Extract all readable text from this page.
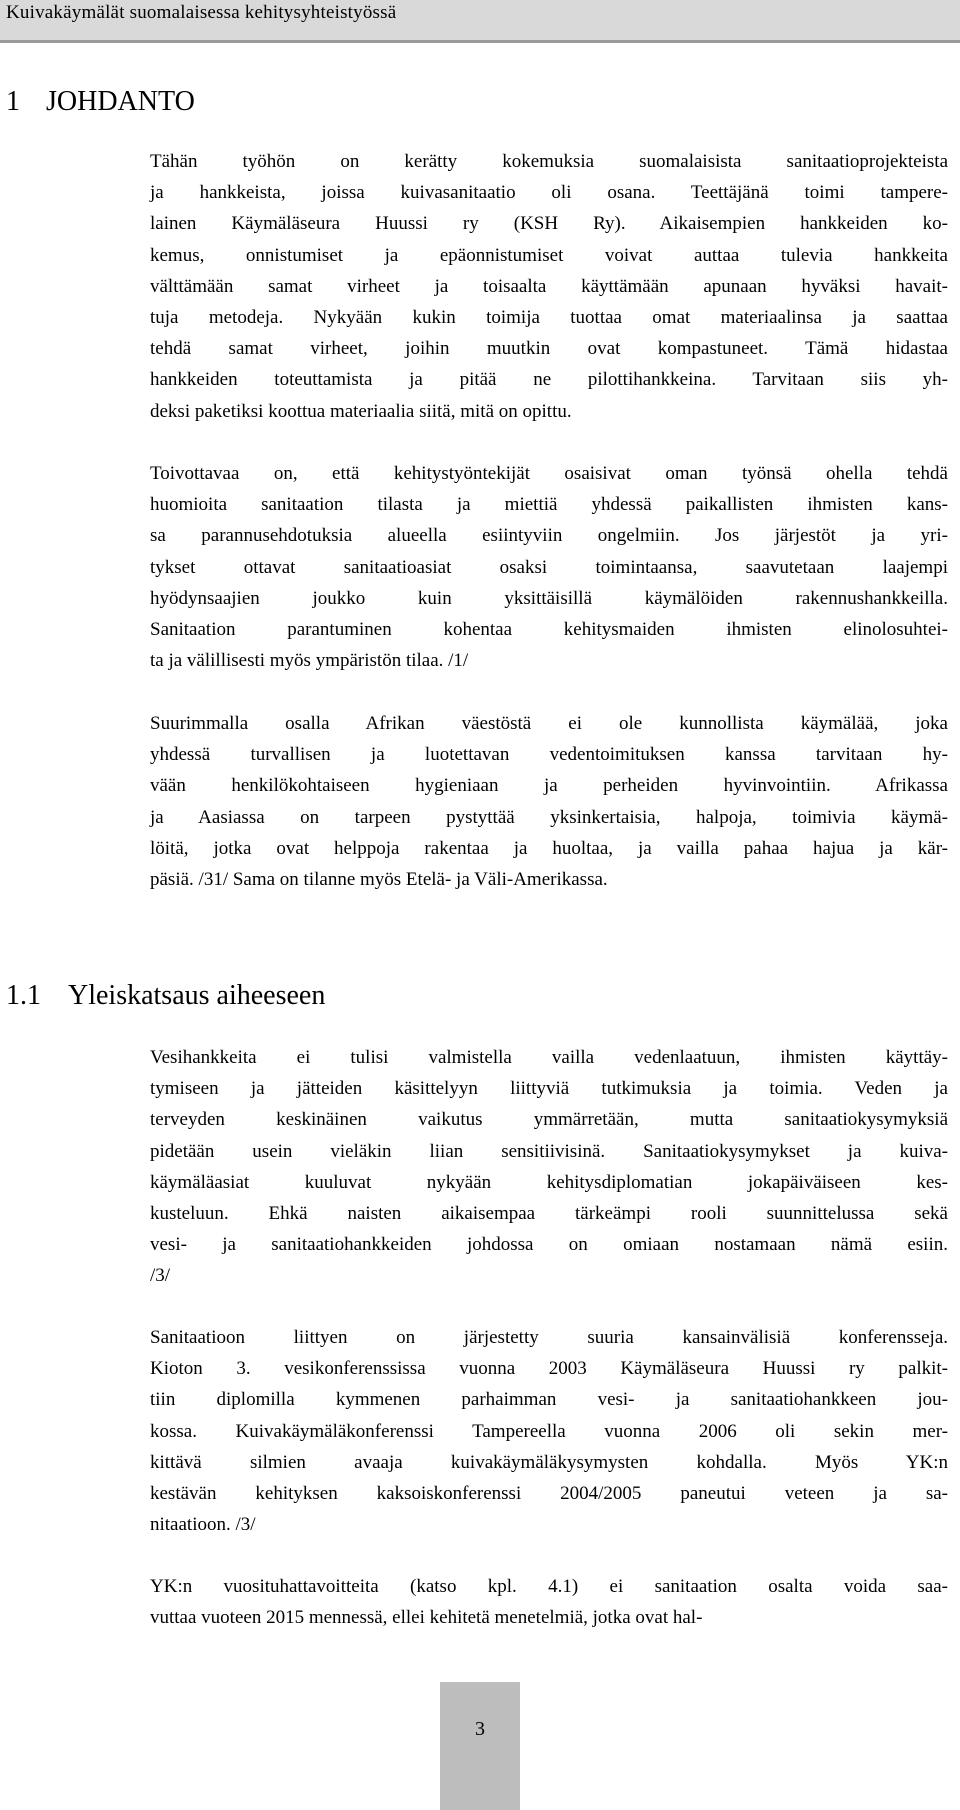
Kuivakäymälät suomalaisessa kehitysyhteistyössä
1 JOHDANTO
Tähän työhön on kerätty kokemuksia suomalaisista sanitaatioprojekteista
ja hankkeista, joissa kuivasanitaatio oli osana. Teettäjänä toimi tampere-
lainen Käymäläseura Huussi ry (KSH Ry). Aikaisempien hankkeiden ko-
kemus, onnistumiset ja epäonnistumiset voivat auttaa tulevia hankkeita
välttämään samat virheet ja toisaalta käyttämään apunaan hyväksi havait-
tuja metodeja. Nykyään kukin toimija tuottaa omat materiaalinsa ja saattaa
tehdä samat virheet, joihin muutkin ovat kompastuneet. Tämä hidastaa
hankkeiden toteuttamista ja pitää ne pilottihankkeina. Tarvitaan siis yh-
deksi paketiksi koottua materiaalia siitä, mitä on opittu.
Toivottavaa on, että kehitystyöntekijät osaisivat oman työnsä ohella tehdä
huomioita sanitaation tilasta ja miettiä yhdessä paikallisten ihmisten kans-
sa parannusehdotuksia alueella esiintyviin ongelmiin. Jos järjestöt ja yri-
tykset ottavat sanitaatioasiat osaksi toimintaansa, saavutetaan laajempi
hyödynsaajien joukko kuin yksittäisillä käymälöiden rakennushankkeilla.
Sanitaation parantuminen kohentaa kehitysmaiden ihmisten elinolosuhtei-
ta ja välillisesti myös ympäristön tilaa. /1/
Suurimmalla osalla Afrikan väestöstä ei ole kunnollista käymälää, joka
yhdessä turvallisen ja luotettavan vedentoimituksen kanssa tarvitaan hy-
vään henkilökohtaiseen hygieniaan ja perheiden hyvinvointiin. Afrikassa
ja Aasiassa on tarpeen pystyttää yksinkertaisia, halpoja, toimivia käymä-
löitä, jotka ovat helppoja rakentaa ja huoltaa, ja vailla pahaa hajua ja kär-
päsiä. /31/ Sama on tilanne myös Etelä- ja Väli-Amerikassa.
1.1 Yleiskatsaus aiheeseen
Vesihankkeita ei tulisi valmistella vailla vedenlaatuun, ihmisten käyttäy-
tymiseen ja jätteiden käsittelyyn liittyviä tutkimuksia ja toimia. Veden ja
terveyden keskinäinen vaikutus ymmärretään, mutta sanitaatiokysymyksiä
pidetään usein vieläkin liian sensitiivisinä. Sanitaatiokysymykset ja kuiva-
käymäläasiat kuuluvat nykyään kehitysdiplomatian jokapäiväiseen kes-
kusteluun. Ehkä naisten aikaisempaa tärkeämpi rooli suunnittelussa sekä
vesi- ja sanitaatiohankkeiden johdossa on omiaan nostamaan nämä esiin.
/3/
Sanitaatioon liittyen on järjestetty suuria kansainvälisiä konferensseja.
Kioton 3. vesikonferenssissa vuonna 2003 Käymäläseura Huussi ry palkit-
tiin diplomilla kymmenen parhaimman vesi- ja sanitaatiohankkeen jou-
kossa. Kuivakäymäläkonferenssi Tampereella vuonna 2006 oli sekin mer-
kittävä silmien avaaja kuivakäymäläkysymysten kohdalla. Myös YK:n
kestävän kehityksen kaksoiskonferenssi 2004/2005 paneutui veteen ja sa-
nitaatioon. /3/
YK:n vuosituhattavoitteita (katso kpl. 4.1) ei sanitaation osalta voida saa-
vuttaa vuoteen 2015 mennessä, ellei kehitetä menetelmiä, jotka ovat hal-
3
